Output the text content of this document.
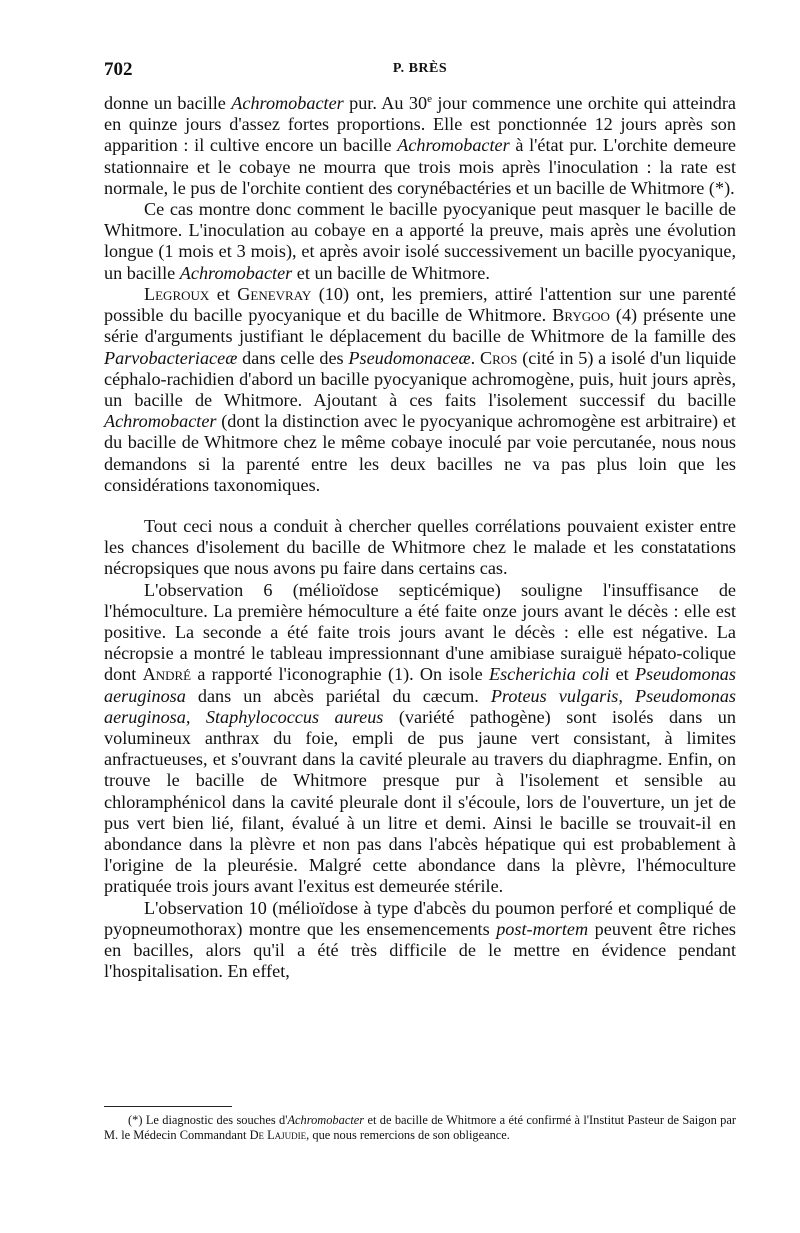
702	P. BRÈS

donne un bacille Achromobacter pur. Au 30e jour commence une orchite qui atteindra en quinze jours d'assez fortes proportions. Elle est ponctionnée 12 jours après son apparition : il cultive encore un bacille Achromobacter à l'état pur. L'orchite demeure stationnaire et le cobaye ne mourra que trois mois après l'inoculation : la rate est normale, le pus de l'orchite contient des corynébactéries et un bacille de Whitmore (*).

Ce cas montre donc comment le bacille pyocyanique peut masquer le bacille de Whitmore. L'inoculation au cobaye en a apporté la preuve, mais après une évolution longue (1 mois et 3 mois), et après avoir isolé successivement un bacille pyocyanique, un bacille Achromobacter et un bacille de Whitmore.

Legroux et Genevray (10) ont, les premiers, attiré l'attention sur une parenté possible du bacille pyocyanique et du bacille de Whitmore. Brygoo (4) présente une série d'arguments justifiant le déplacement du bacille de Whitmore de la famille des Parvobacteriaceæ dans celle des Pseudomonaceæ. Cros (cité in 5) a isolé d'un liquide céphalo-rachidien d'abord un bacille pyocyanique achromogène, puis, huit jours après, un bacille de Whitmore. Ajoutant à ces faits l'isolement successif du bacille Achromobacter (dont la distinction avec le pyocyanique achromogène est arbitraire) et du bacille de Whitmore chez le même cobaye inoculé par voie percutanée, nous nous demandons si la parenté entre les deux bacilles ne va pas plus loin que les considérations taxonomiques.

Tout ceci nous a conduit à chercher quelles corrélations pouvaient exister entre les chances d'isolement du bacille de Whitmore chez le malade et les constatations nécropsiques que nous avons pu faire dans certains cas.

L'observation 6 (mélioïdose septicémique) souligne l'insuffisance de l'hémoculture. La première hémoculture a été faite onze jours avant le décès : elle est positive. La seconde a été faite trois jours avant le décès : elle est négative. La nécropsie a montré le tableau impressionnant d'une amibiase suraiguë hépato-colique dont André a rapporté l'iconographie (1). On isole Escherichia coli et Pseudomonas aeruginosa dans un abcès pariétal du cæcum. Proteus vulgaris, Pseudomonas aeruginosa, Staphylococcus aureus (variété pathogène) sont isolés dans un volumineux anthrax du foie, empli de pus jaune vert consistant, à limites anfractueuses, et s'ouvrant dans la cavité pleurale au travers du diaphragme. Enfin, on trouve le bacille de Whitmore presque pur à l'isolement et sensible au chloramphénicol dans la cavité pleurale dont il s'écoule, lors de l'ouverture, un jet de pus vert bien lié, filant, évalué à un litre et demi. Ainsi le bacille se trouvait-il en abondance dans la plèvre et non pas dans l'abcès hépatique qui est probablement à l'origine de la pleurésie. Malgré cette abondance dans la plèvre, l'hémoculture pratiquée trois jours avant l'exitus est demeurée stérile.

L'observation 10 (mélioïdose à type d'abcès du poumon perforé et compliqué de pyopneumothorax) montre que les ensemencements post-mortem peuvent être riches en bacilles, alors qu'il a été très difficile de le mettre en évidence pendant l'hospitalisation. En effet,

(*) Le diagnostic des souches d'Achromobacter et de bacille de Whitmore a été confirmé à l'Institut Pasteur de Saigon par M. le Médecin Commandant De Lajudie, que nous remercions de son obligeance.
